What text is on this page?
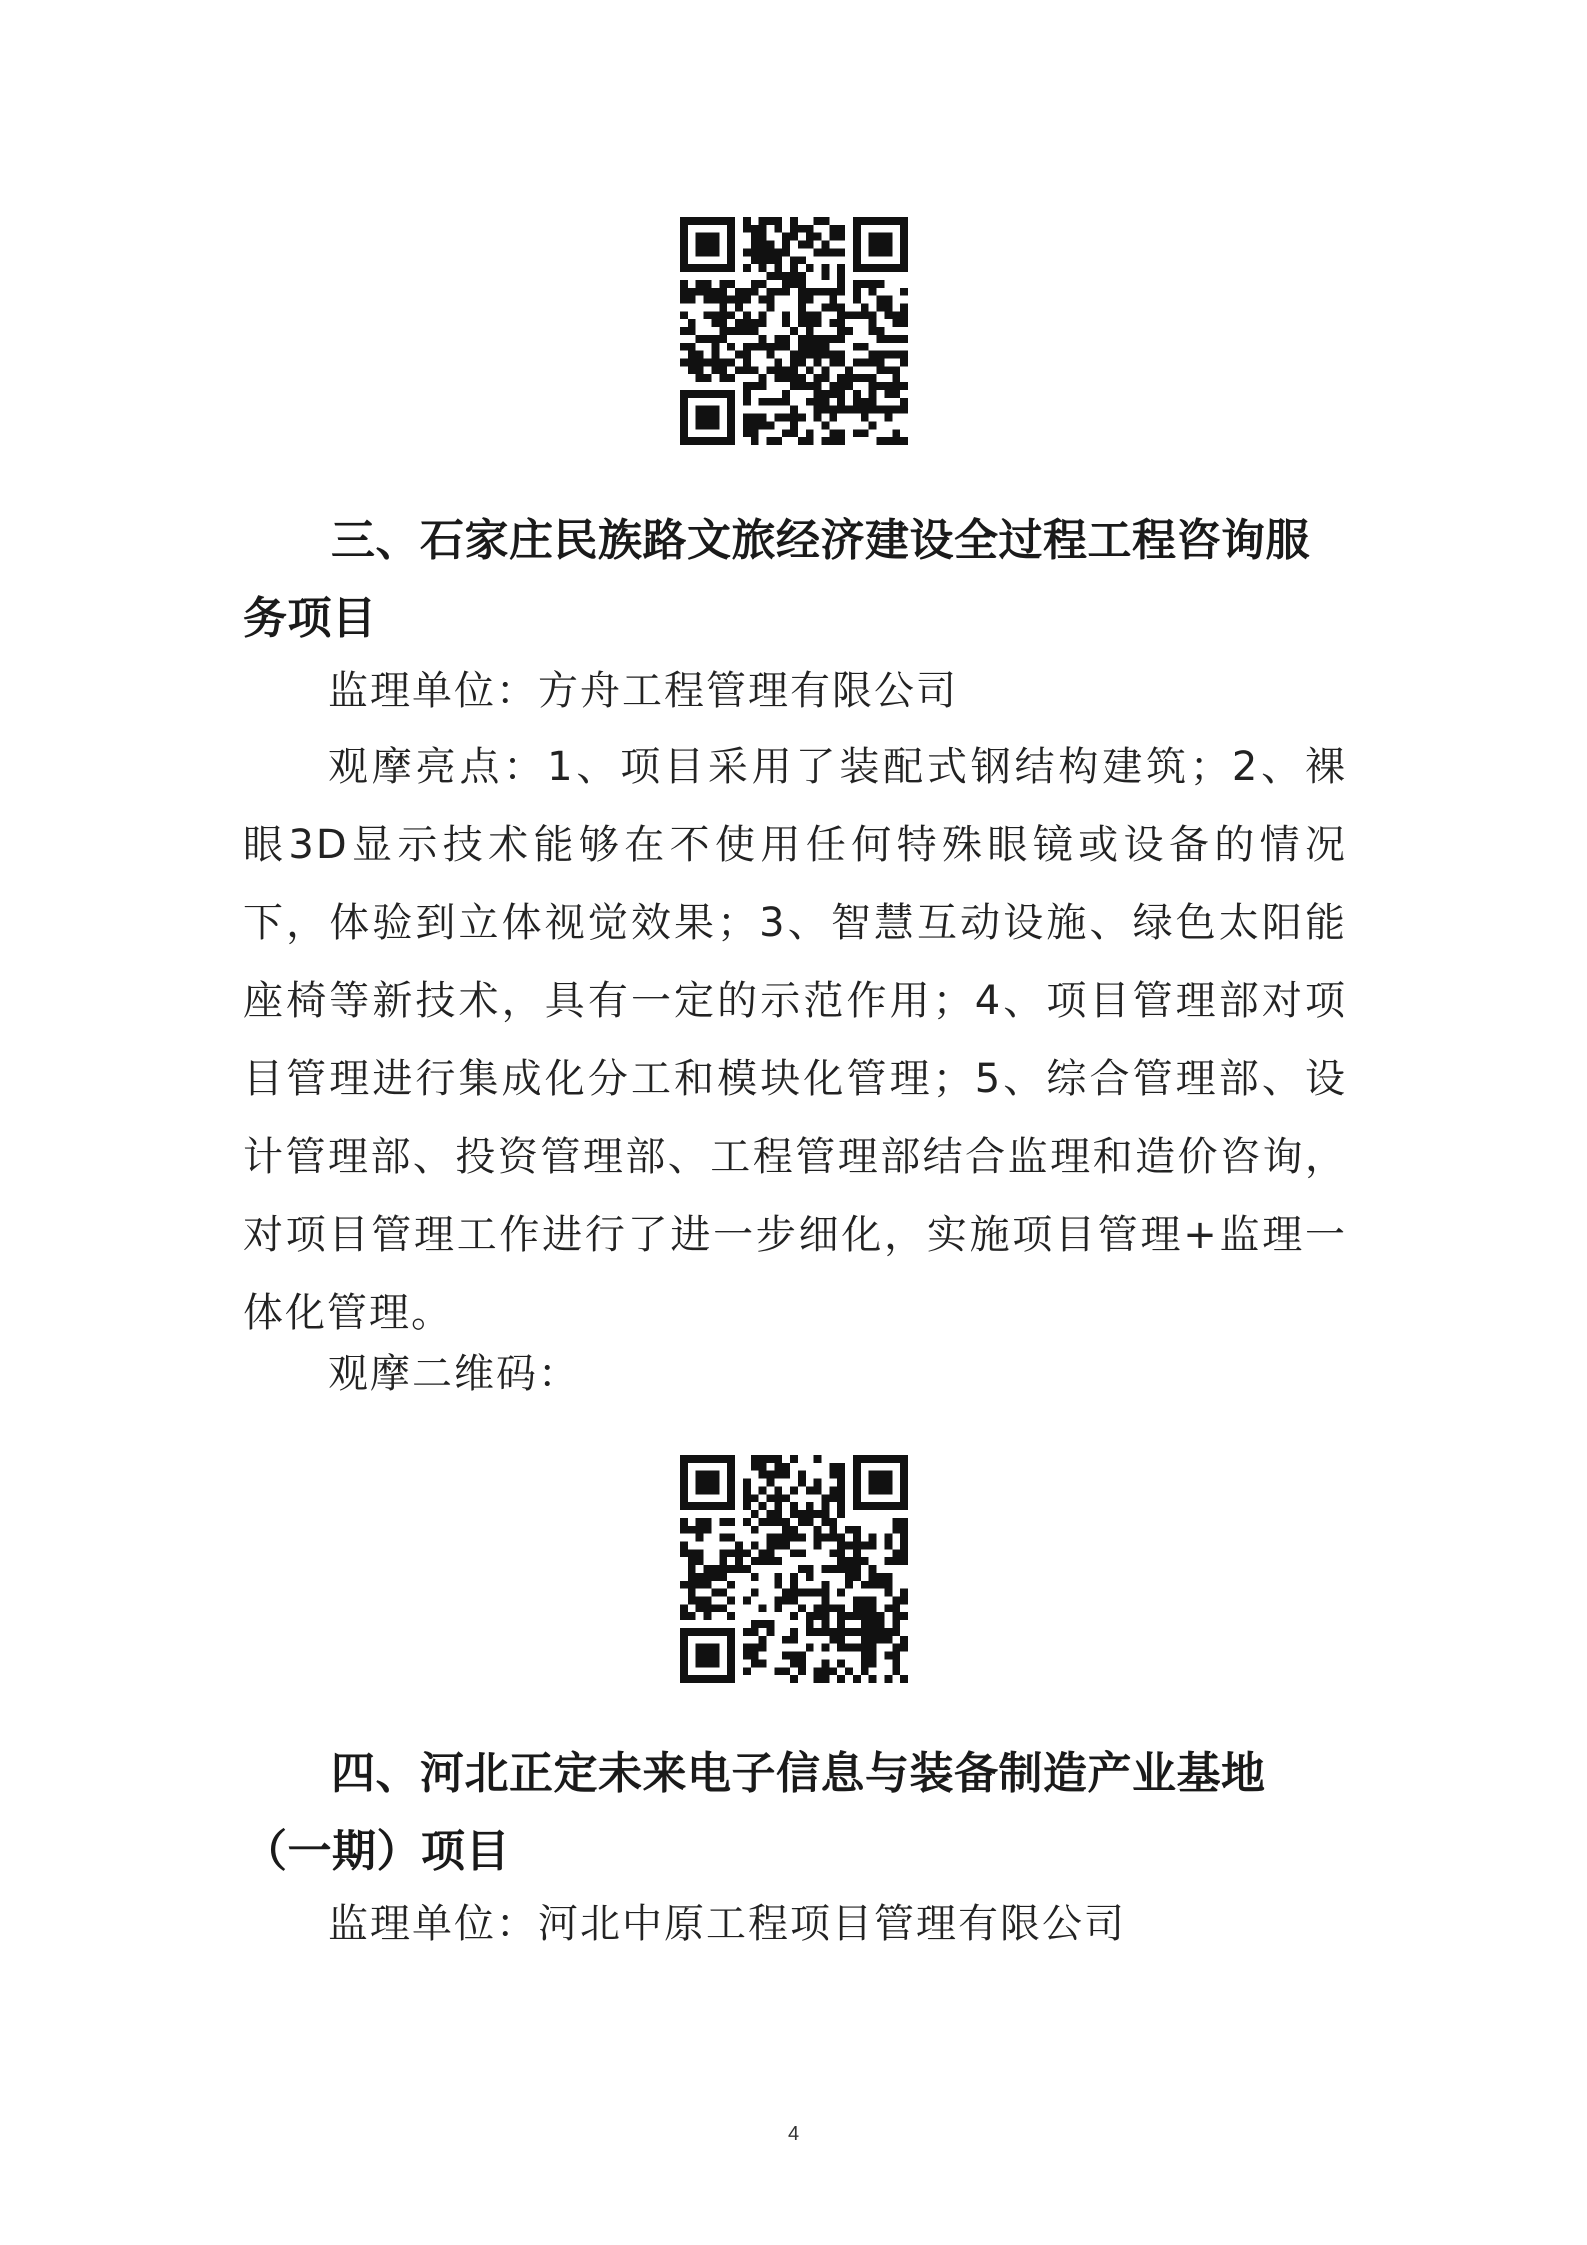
三、石家庄民族路文旅经济建设全过程工程咨询服务项目

监理单位：方舟工程管理有限公司

观摩亮点：1、项目采用了装配式钢结构建筑；2、裸眼3D显示技术能够在不使用任何特殊眼镜或设备的情况下，体验到立体视觉效果；3、智慧互动设施、绿色太阳能座椅等新技术，具有一定的示范作用；4、项目管理部对项目管理进行集成化分工和模块化管理；5、综合管理部、设计管理部、投资管理部、工程管理部结合监理和造价咨询，对项目管理工作进行了进一步细化，实施项目管理+监理一体化管理。

观摩二维码：

四、河北正定未来电子信息与装备制造产业基地（一期）项目

监理单位：河北中原工程项目管理有限公司

4
